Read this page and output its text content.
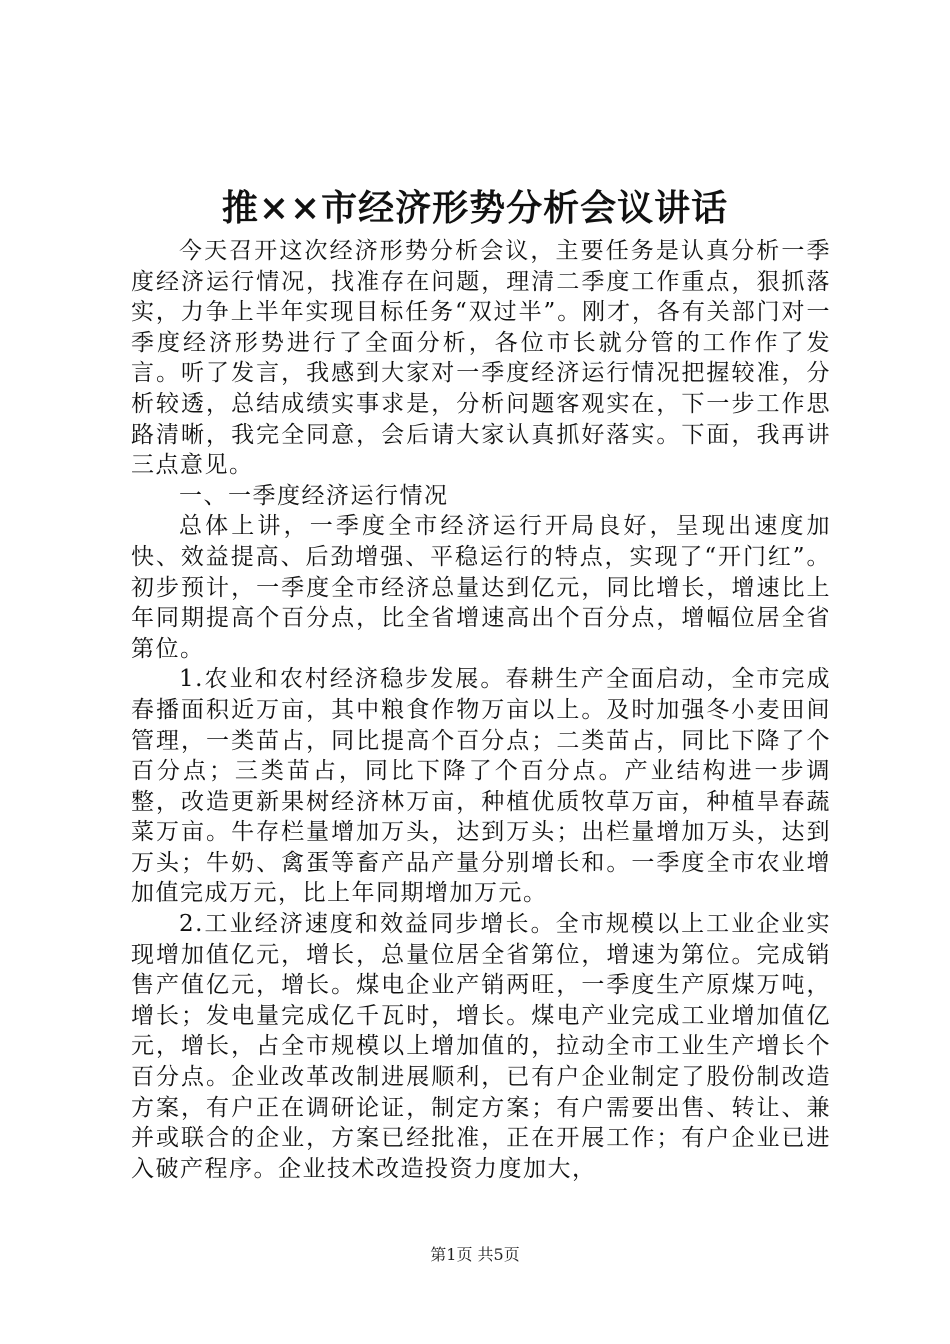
推××市经济形势分析会议讲话

今天召开这次经济形势分析会议，主要任务是认真分析一季度经济运行情况，找准存在问题，理清二季度工作重点，狠抓落实，力争上半年实现目标任务“双过半”。刚才，各有关部门对一季度经济形势进行了全面分析，各位市长就分管的工作作了发言。听了发言，我感到大家对一季度经济运行情况把握较准，分析较透，总结成绩实事求是，分析问题客观实在，下一步工作思路清晰，我完全同意，会后请大家认真抓好落实。下面，我再讲三点意见。

一、一季度经济运行情况

总体上讲，一季度全市经济运行开局良好，呈现出速度加快、效益提高、后劲增强、平稳运行的特点，实现了“开门红”。初步预计，一季度全市经济总量达到亿元，同比增长，增速比上年同期提高个百分点，比全省增速高出个百分点，增幅位居全省第位。

1.农业和农村经济稳步发展。春耕生产全面启动，全市完成春播面积近万亩，其中粮食作物万亩以上。及时加强冬小麦田间管理，一类苗占，同比提高个百分点；二类苗占，同比下降了个百分点；三类苗占，同比下降了个百分点。产业结构进一步调整，改造更新果树经济林万亩，种植优质牧草万亩，种植旱春蔬菜万亩。牛存栏量增加万头，达到万头；出栏量增加万头，达到万头；牛奶、禽蛋等畜产品产量分别增长和。一季度全市农业增加值完成万元，比上年同期增加万元。

2.工业经济速度和效益同步增长。全市规模以上工业企业实现增加值亿元，增长，总量位居全省第位，增速为第位。完成销售产值亿元，增长。煤电企业产销两旺，一季度生产原煤万吨，增长；发电量完成亿千瓦时，增长。煤电产业完成工业增加值亿元，增长，占全市规模以上增加值的，拉动全市工业生产增长个百分点。企业改革改制进展顺利，已有户企业制定了股份制改造方案，有户正在调研论证，制定方案；有户需要出售、转让、兼并或联合的企业，方案已经批准，正在开展工作；有户企业已进入破产程序。企业技术改造投资力度加大，

第1页 共5页
